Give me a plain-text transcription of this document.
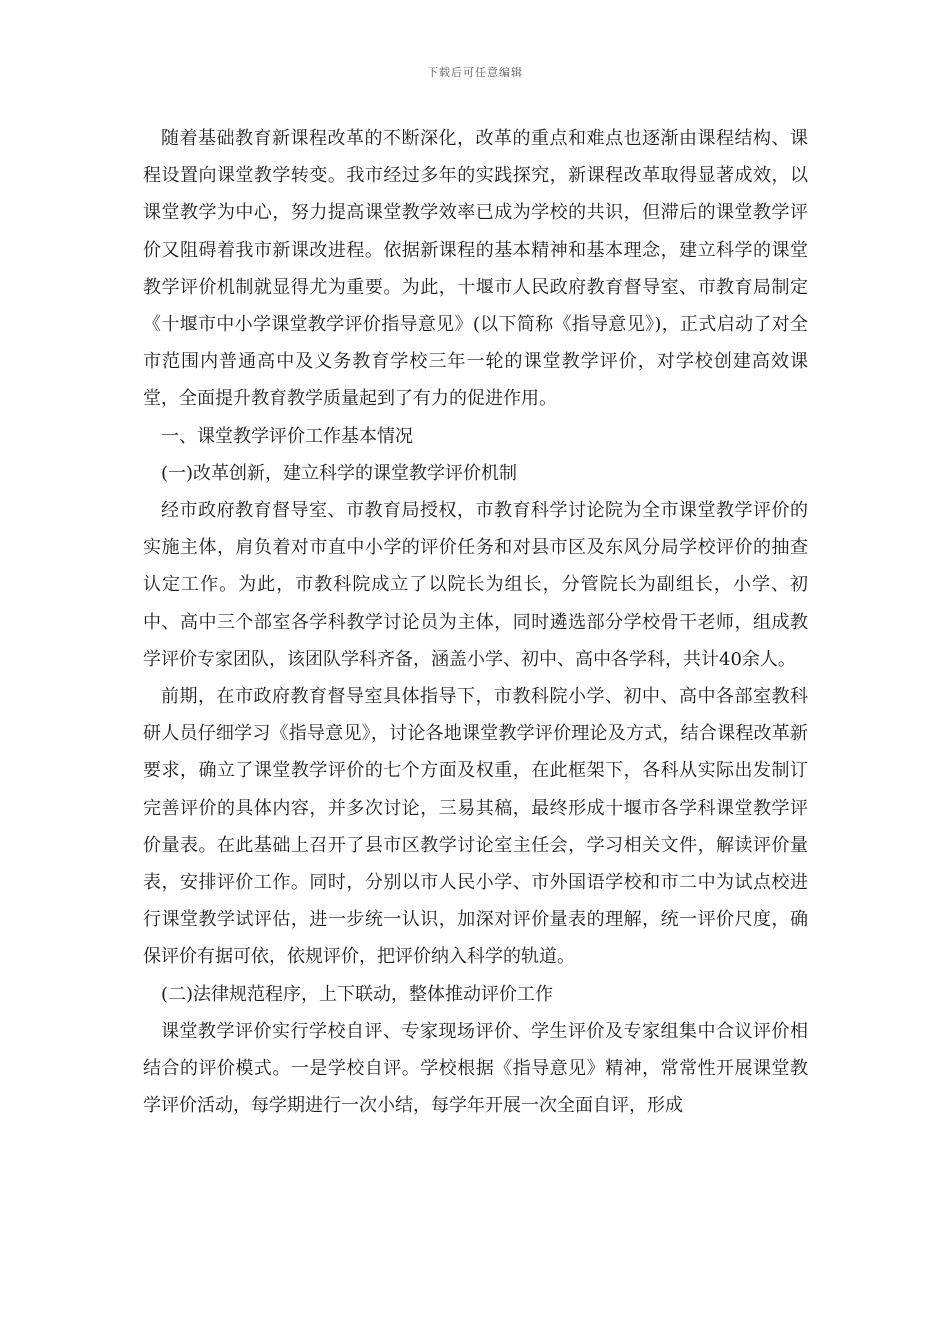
下载后可任意编辑

随着基础教育新课程改革的不断深化，改革的重点和难点也逐渐由课程结构、课程设置向课堂教学转变。我市经过多年的实践探究，新课程改革取得显著成效，以课堂教学为中心，努力提高课堂教学效率已成为学校的共识，但滞后的课堂教学评价又阻碍着我市新课改进程。依据新课程的基本精神和基本理念，建立科学的课堂教学评价机制就显得尤为重要。为此，十堰市人民政府教育督导室、市教育局制定《十堰市中小学课堂教学评价指导意见》(以下简称《指导意见》)，正式启动了对全市范围内普通高中及义务教育学校三年一轮的课堂教学评价，对学校创建高效课堂，全面提升教育教学质量起到了有力的促进作用。

一、课堂教学评价工作基本情况

(一)改革创新，建立科学的课堂教学评价机制

经市政府教育督导室、市教育局授权，市教育科学讨论院为全市课堂教学评价的实施主体，肩负着对市直中小学的评价任务和对县市区及东风分局学校评价的抽查认定工作。为此，市教科院成立了以院长为组长，分管院长为副组长，小学、初中、高中三个部室各学科教学讨论员为主体，同时遴选部分学校骨干老师，组成教学评价专家团队，该团队学科齐备，涵盖小学、初中、高中各学科，共计40余人。

前期，在市政府教育督导室具体指导下，市教科院小学、初中、高中各部室教科研人员仔细学习《指导意见》，讨论各地课堂教学评价理论及方式，结合课程改革新要求，确立了课堂教学评价的七个方面及权重，在此框架下，各科从实际出发制订完善评价的具体内容，并多次讨论，三易其稿，最终形成十堰市各学科课堂教学评价量表。在此基础上召开了县市区教学讨论室主任会，学习相关文件，解读评价量表，安排评价工作。同时，分别以市人民小学、市外国语学校和市二中为试点校进行课堂教学试评估，进一步统一认识，加深对评价量表的理解，统一评价尺度，确保评价有据可依，依规评价，把评价纳入科学的轨道。

(二)法律规范程序，上下联动，整体推动评价工作

课堂教学评价实行学校自评、专家现场评价、学生评价及专家组集中合议评价相结合的评价模式。一是学校自评。学校根据《指导意见》精神，常常性开展课堂教学评价活动，每学期进行一次小结，每学年开展一次全面自评，形成
